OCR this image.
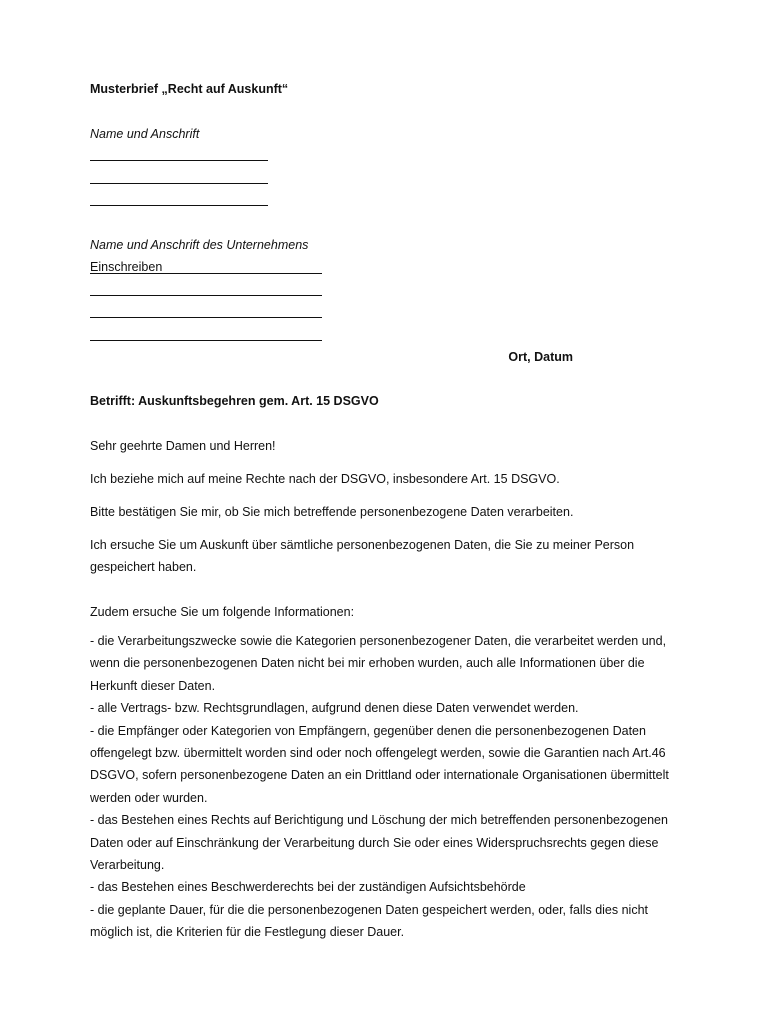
Musterbrief „Recht auf Auskunft“
Name und Anschrift
Name und Anschrift des Unternehmens
Einschreiben
Ort, Datum
Betrifft: Auskunftsbegehren gem. Art. 15 DSGVO
Sehr geehrte Damen und Herren!
Ich beziehe mich auf meine Rechte nach der DSGVO, insbesondere Art. 15 DSGVO.
Bitte bestätigen Sie mir, ob Sie mich betreffende personenbezogene Daten verarbeiten.
Ich ersuche Sie um Auskunft über sämtliche personenbezogenen Daten, die Sie zu meiner Person gespeichert haben.
Zudem ersuche Sie um folgende Informationen:
- die Verarbeitungszwecke sowie die Kategorien personenbezogener Daten, die verarbeitet werden und, wenn die personenbezogenen Daten nicht bei mir erhoben wurden, auch alle Informationen über die Herkunft dieser Daten.
- alle Vertrags- bzw. Rechtsgrundlagen, aufgrund denen diese Daten verwendet werden.
- die Empfänger oder Kategorien von Empfängern, gegenüber denen die personenbezogenen Daten offengelegt bzw. übermittelt worden sind oder noch offengelegt werden, sowie die Garantien nach Art.46 DSGVO, sofern personenbezogene Daten an ein Drittland oder internationale Organisationen übermittelt werden oder wurden.
- das Bestehen eines Rechts auf Berichtigung und Löschung der mich betreffenden personenbezogenen Daten oder auf Einschränkung der Verarbeitung durch Sie oder eines Widerspruchsrechts gegen diese Verarbeitung.
- das Bestehen eines Beschwerderechts bei der zuständigen Aufsichtsbehörde
- die geplante Dauer, für die die personenbezogenen Daten gespeichert werden, oder, falls dies nicht möglich ist, die Kriterien für die Festlegung dieser Dauer.
